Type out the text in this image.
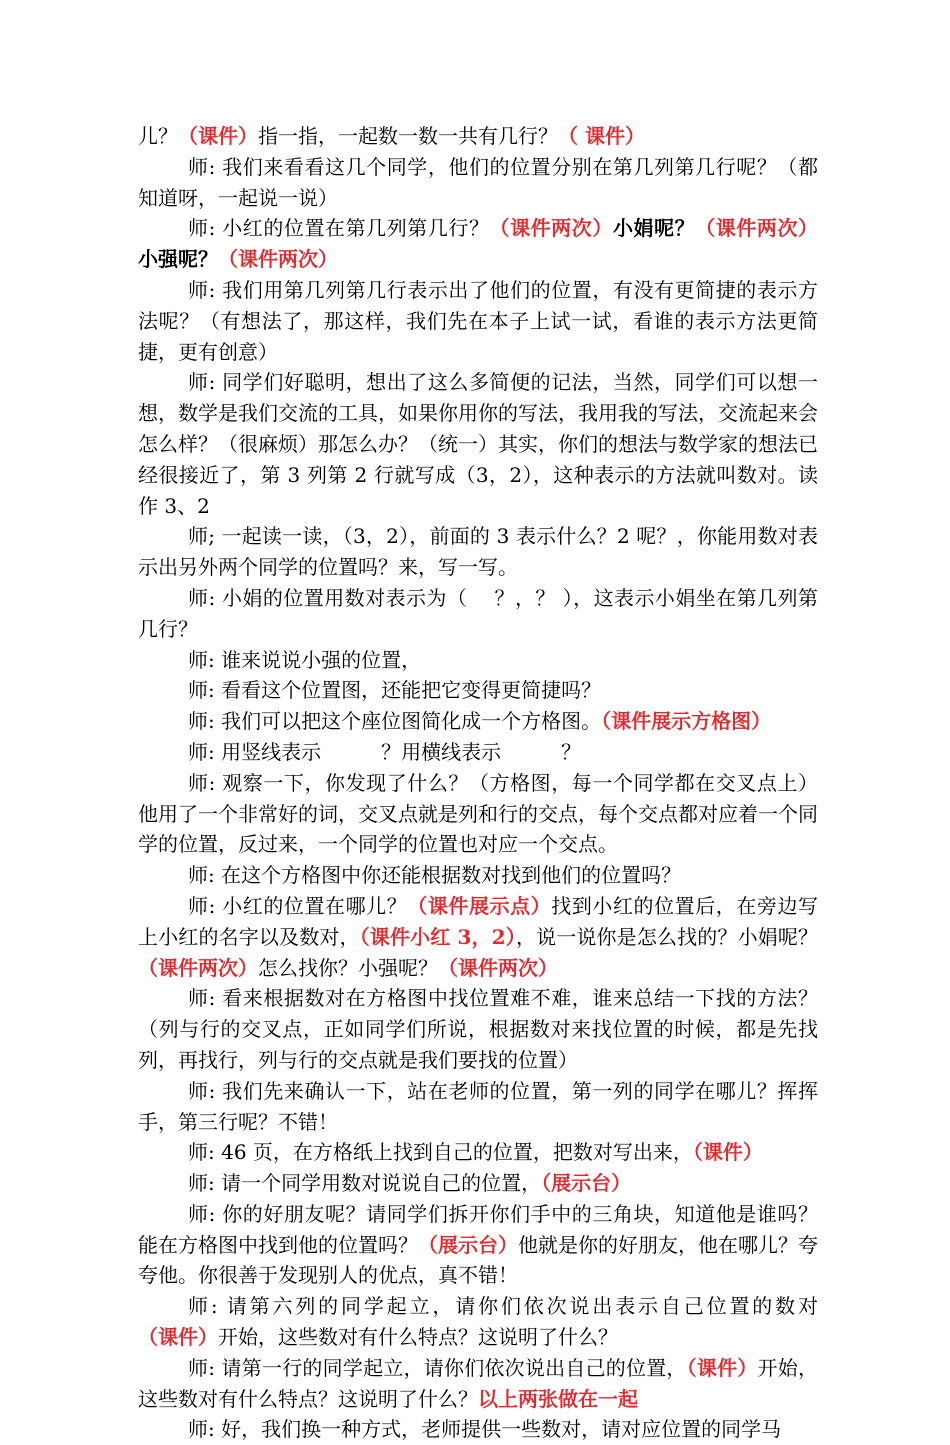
儿？（课件）指一指，一起数一数一共有几行？（ 课件）

师: 我们来看看这几个同学，他们的位置分别在第几列第几行呢？（都知道呀，一起说一说）

师: 小红的位置在第几列第几行？（课件两次）小娟呢？（课件两次）小强呢？（课件两次）

师: 我们用第几列第几行表示出了他们的位置，有没有更简捷的表示方法呢？（有想法了，那这样，我们先在本子上试一试，看谁的表示方法更简捷，更有创意）

师: 同学们好聪明，想出了这么多简便的记法，当然，同学们可以想一想，数学是我们交流的工具，如果你用你的写法，我用我的写法，交流起来会怎么样？（很麻烦）那怎么办？（统一）其实，你们的想法与数学家的想法已经很接近了，第 3 列第 2 行就写成（3，2），这种表示的方法就叫数对。读作 3、2

师; 一起读一读，（3，2），前面的 3 表示什么？2 呢？，你能用数对表示出另外两个同学的位置吗？来，写一写。

师: 小娟的位置用数对表示为（　 ？，？ ），这表示小娟坐在第几列第几行？

师: 谁来说说小强的位置，

师: 看看这个位置图，还能把它变得更简捷吗？

师: 我们可以把这个座位图简化成一个方格图。（课件展示方格图）

师: 用竖线表示　　　？用横线表示　　　？

师: 观察一下，你发现了什么？（方格图，每一个同学都在交叉点上）他用了一个非常好的词，交叉点就是列和行的交点，每个交点都对应着一个同学的位置，反过来，一个同学的位置也对应一个交点。

师: 在这个方格图中你还能根据数对找到他们的位置吗？

师: 小红的位置在哪儿？（课件展示点）找到小红的位置后，在旁边写上小红的名字以及数对，（课件小红 3，2），说一说你是怎么找的？小娟呢？（课件两次）怎么找你？小强呢？（课件两次）

师: 看来根据数对在方格图中找位置难不难，谁来总结一下找的方法？（列与行的交叉点，正如同学们所说，根据数对来找位置的时候，都是先找列，再找行，列与行的交点就是我们要找的位置）

师: 我们先来确认一下，站在老师的位置，第一列的同学在哪儿？挥挥手，第三行呢？不错！

师: 46 页，在方格纸上找到自己的位置，把数对写出来，（课件）

师: 请一个同学用数对说说自己的位置，（展示台）

师: 你的好朋友呢？请同学们拆开你们手中的三角块，知道他是谁吗？能在方格图中找到他的位置吗？（展示台）他就是你的好朋友，他在哪儿？夸夸他。你很善于发现别人的优点，真不错！

师: 请第六列的同学起立，请你们依次说出表示自己位置的数对（课件）开始，这些数对有什么特点？这说明了什么？

师: 请第一行的同学起立，请你们依次说出自己的位置，（课件）开始，这些数对有什么特点？这说明了什么？以上两张做在一起

师: 好，我们换一种方式，老师提供一些数对，请对应位置的同学马
